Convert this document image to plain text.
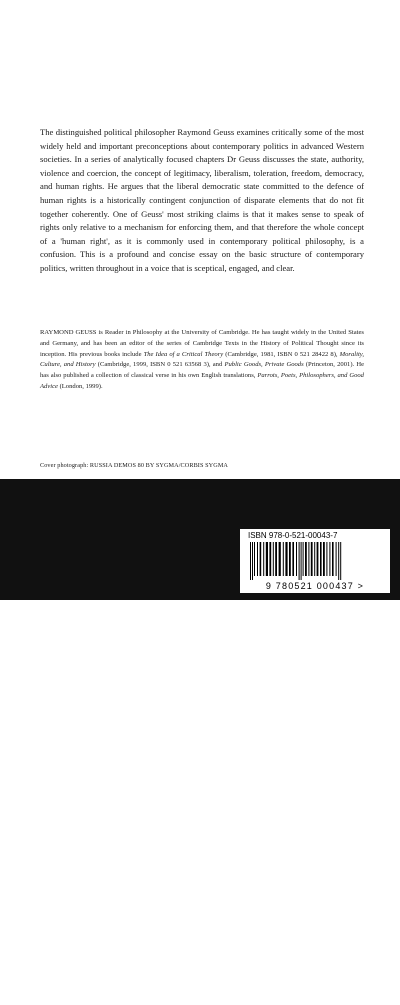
The distinguished political philosopher Raymond Geuss examines critically some of the most widely held and important preconceptions about contemporary politics in advanced Western societies. In a series of analytically focused chapters Dr Geuss discusses the state, authority, violence and coercion, the concept of legitimacy, liberalism, toleration, freedom, democracy, and human rights. He argues that the liberal democratic state committed to the defence of human rights is a historically contingent conjunction of disparate elements that do not fit together coherently. One of Geuss' most striking claims is that it makes sense to speak of rights only relative to a mechanism for enforcing them, and that therefore the whole concept of a 'human right', as it is commonly used in contemporary political philosophy, is a confusion. This is a profound and concise essay on the basic structure of contemporary politics, written throughout in a voice that is sceptical, engaged, and clear.
RAYMOND GEUSS is Reader in Philosophy at the University of Cambridge. He has taught widely in the United States and Germany, and has been an editor of the series of Cambridge Texts in the History of Political Thought since its inception. His previous books include The Idea of a Critical Theory (Cambridge, 1981, ISBN 0 521 28422 8), Morality, Culture, and History (Cambridge, 1999, ISBN 0 521 63568 3), and Public Goods, Private Goods (Princeton, 2001). He has also published a collection of classical verse in his own English translations, Parrots, Poets, Philosophers, and Good Advice (London, 1999).
Cover photograph: RUSSIA DEMOS 80 BY SYGMA/CORBIS SYGMA
CAMBRIDGE
UNIVERSITY PRESS
www.cambridge.org
ISBN 978-0-521-00043-7
9 780521 000437 >
